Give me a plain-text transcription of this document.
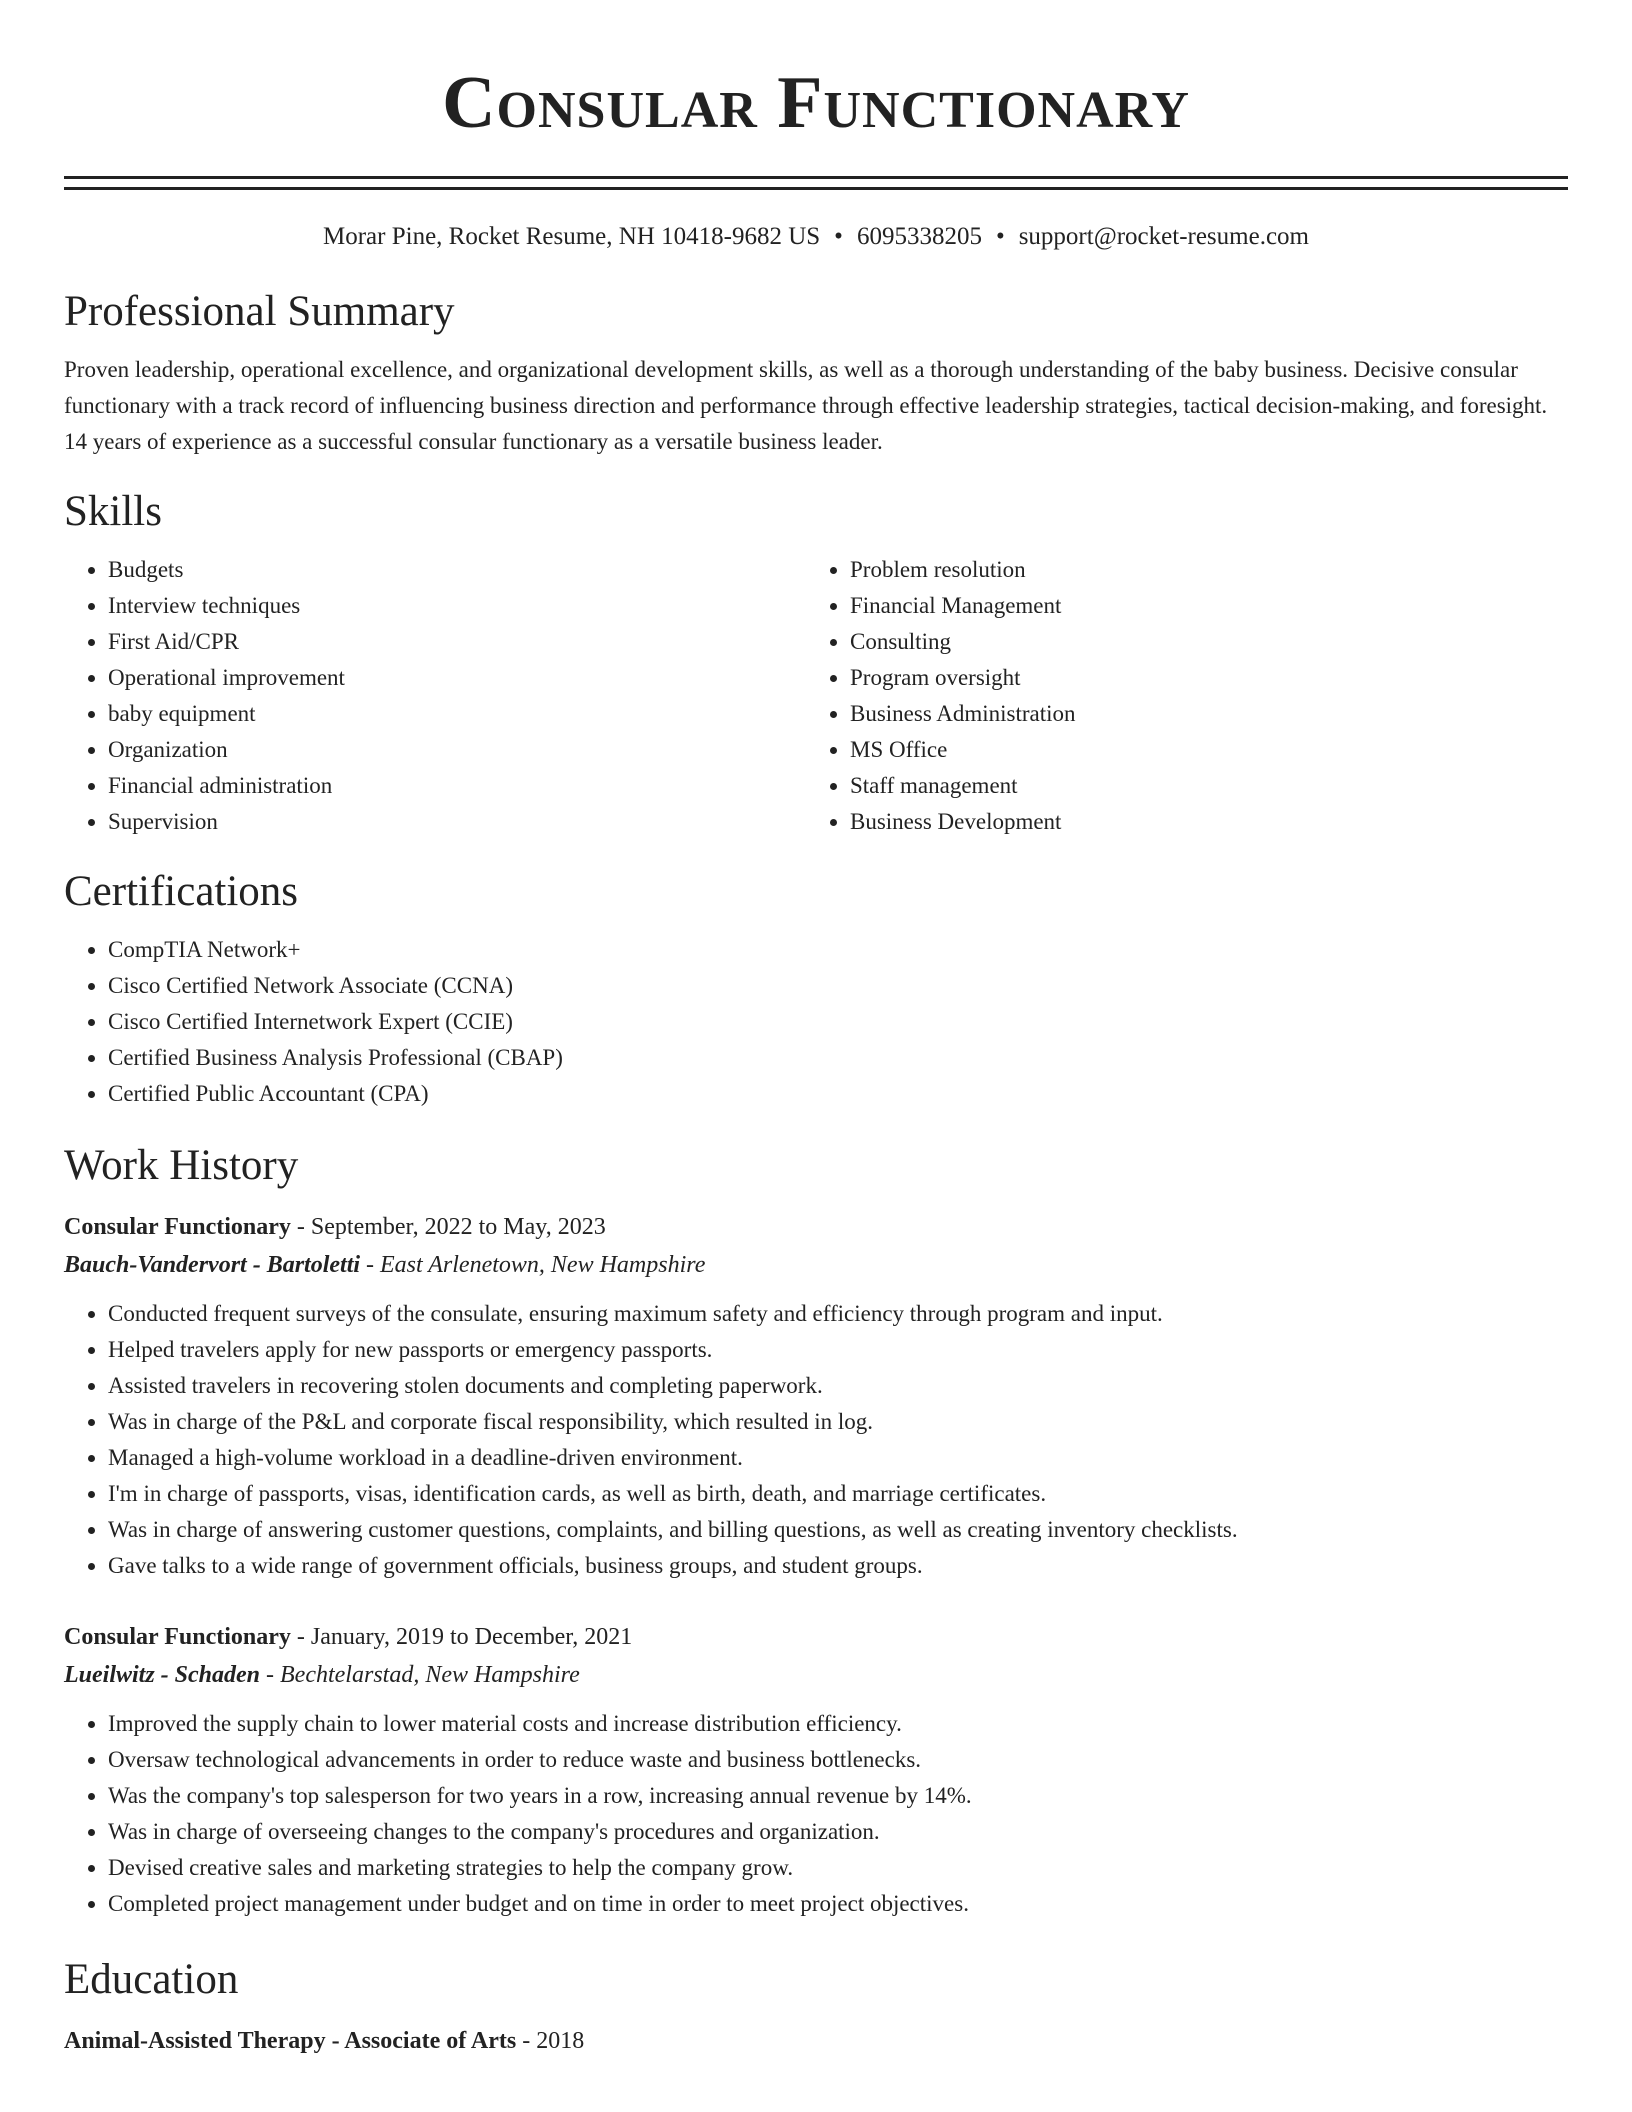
Consular Functionary
Morar Pine, Rocket Resume, NH 10418-9682 US • 6095338205 • support@rocket-resume.com
Professional Summary

Proven leadership, operational excellence, and organizational development skills, as well as a thorough understanding of the baby business. Decisive consular functionary with a track record of influencing business direction and performance through effective leadership strategies, tactical decision-making, and foresight. 14 years of experience as a successful consular functionary as a versatile business leader.

Skills
• Budgets
• Interview techniques
• First Aid/CPR
• Operational improvement
• baby equipment
• Organization
• Financial administration
• Supervision
• Problem resolution
• Financial Management
• Consulting
• Program oversight
• Business Administration
• MS Office
• Staff management
• Business Development
Certifications
• CompTIA Network+
• Cisco Certified Network Associate (CCNA)
• Cisco Certified Internetwork Expert (CCIE)
• Certified Business Analysis Professional (CBAP)
• Certified Public Accountant (CPA)
Work History
Consular Functionary - September, 2022 to May, 2023
Bauch-Vandervort - Bartoletti - East Arlenetown, New Hampshire
• Conducted frequent surveys of the consulate, ensuring maximum safety and efficiency through program and input.
• Helped travelers apply for new passports or emergency passports.
• Assisted travelers in recovering stolen documents and completing paperwork.
• Was in charge of the P&L and corporate fiscal responsibility, which resulted in log.
• Managed a high-volume workload in a deadline-driven environment.
• I'm in charge of passports, visas, identification cards, as well as birth, death, and marriage certificates.
• Was in charge of answering customer questions, complaints, and billing questions, as well as creating inventory checklists.
• Gave talks to a wide range of government officials, business groups, and student groups.
Consular Functionary - January, 2019 to December, 2021
Lueilwitz - Schaden - Bechtelarstad, New Hampshire
• Improved the supply chain to lower material costs and increase distribution efficiency.
• Oversaw technological advancements in order to reduce waste and business bottlenecks.
• Was the company's top salesperson for two years in a row, increasing annual revenue by 14%.
• Was in charge of overseeing changes to the company's procedures and organization.
• Devised creative sales and marketing strategies to help the company grow.
• Completed project management under budget and on time in order to meet project objectives.
Education
Animal-Assisted Therapy - Associate of Arts - 2018
